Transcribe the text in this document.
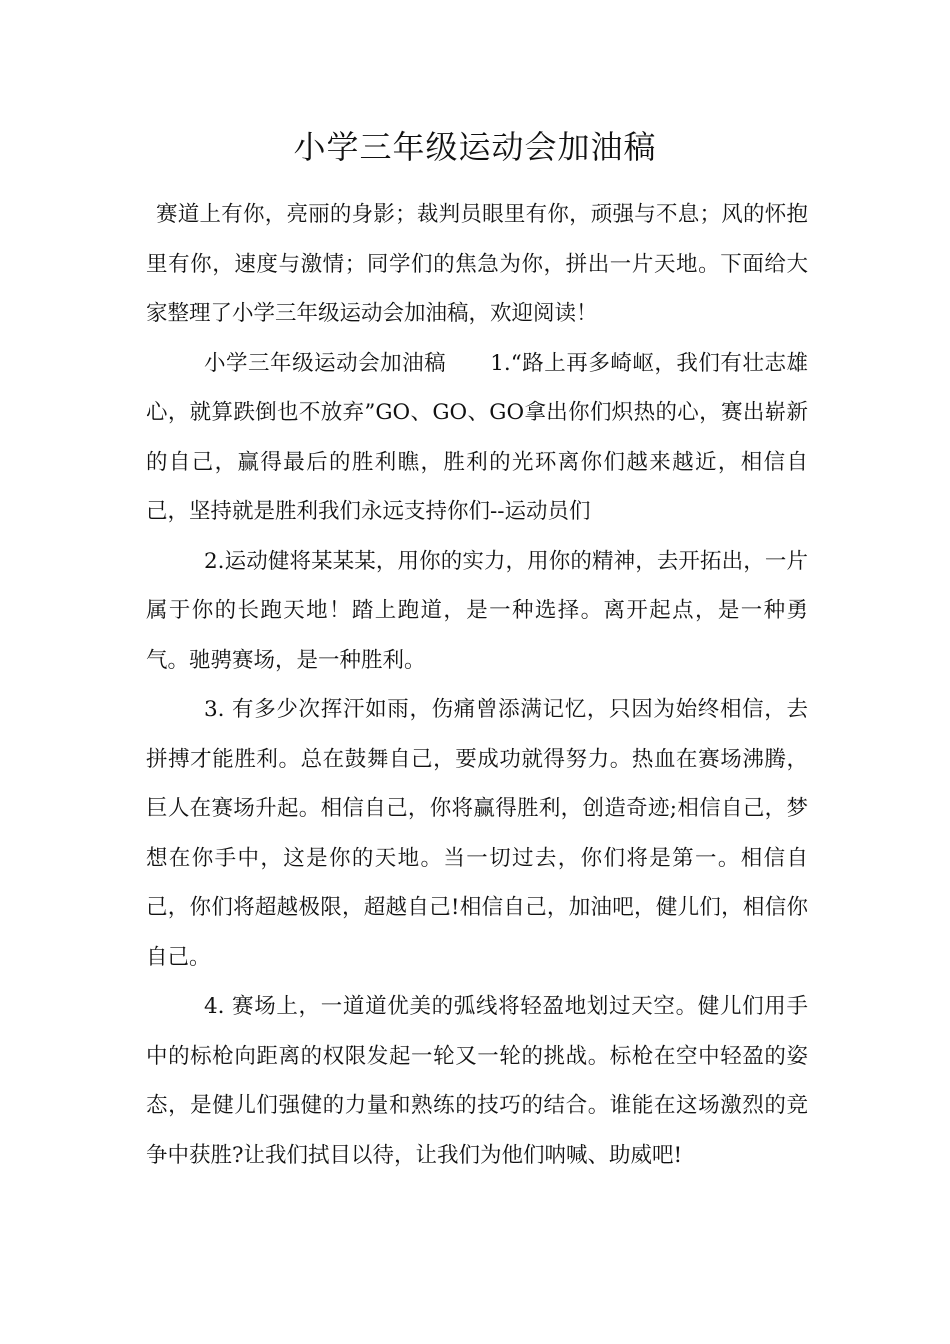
小学三年级运动会加油稿

赛道上有你，亮丽的身影；裁判员眼里有你，顽强与不息；风的怀抱里有你，速度与激情；同学们的焦急为你，拼出一片天地。下面给大家整理了小学三年级运动会加油稿，欢迎阅读！

小学三年级运动会加油稿　　1.“路上再多崎岖，我们有壮志雄心，就算跌倒也不放弃”GO、GO、GO拿出你们炽热的心，赛出崭新的自己，赢得最后的胜利瞧，胜利的光环离你们越来越近，相信自己，坚持就是胜利我们永远支持你们--运动员们

2.运动健将某某某，用你的实力，用你的精神，去开拓出，一片属于你的长跑天地！踏上跑道，是一种选择。离开起点，是一种勇气。驰骋赛场，是一种胜利。

3. 有多少次挥汗如雨，伤痛曾添满记忆，只因为始终相信，去拼搏才能胜利。总在鼓舞自己，要成功就得努力。热血在赛场沸腾，巨人在赛场升起。相信自己，你将赢得胜利，创造奇迹;相信自己，梦想在你手中，这是你的天地。当一切过去，你们将是第一。相信自己，你们将超越极限，超越自己!相信自己，加油吧，健儿们，相信你自己。

4. 赛场上，一道道优美的弧线将轻盈地划过天空。健儿们用手中的标枪向距离的权限发起一轮又一轮的挑战。标枪在空中轻盈的姿态，是健儿们强健的力量和熟练的技巧的结合。谁能在这场激烈的竞争中获胜?让我们拭目以待，让我们为他们呐喊、助威吧!
